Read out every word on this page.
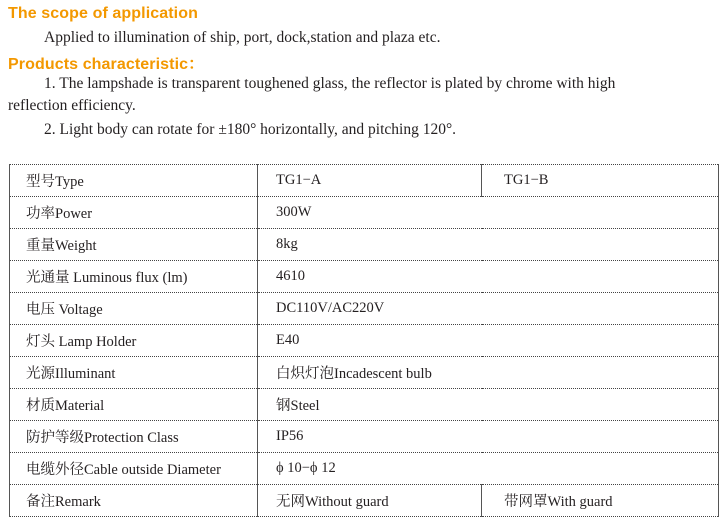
The scope of application
Applied to illumination of ship, port, dock,station and plaza etc.
Products characteristic：
1. The lampshade is transparent toughened glass, the reflector is plated by chrome with high
reflection efficiency.
2. Light body can rotate for ±180° horizontally, and pitching 120°.
型号Type	TG1−A	TG1−B
功率Power	300W	
重量Weight	8kg	
光通量 Luminous flux (lm)	4610	
电压 Voltage	DC110V/AC220V	
灯头 Lamp Holder	E40	
光源Illuminant	白炽灯泡Incadescent bulb	
材质Material	钢Steel	
防护等级Protection Class	IP56	
电缆外径Cable outside Diameter	ϕ 10−ϕ 12	
备注Remark	无网Without guard	带网罩With guard
